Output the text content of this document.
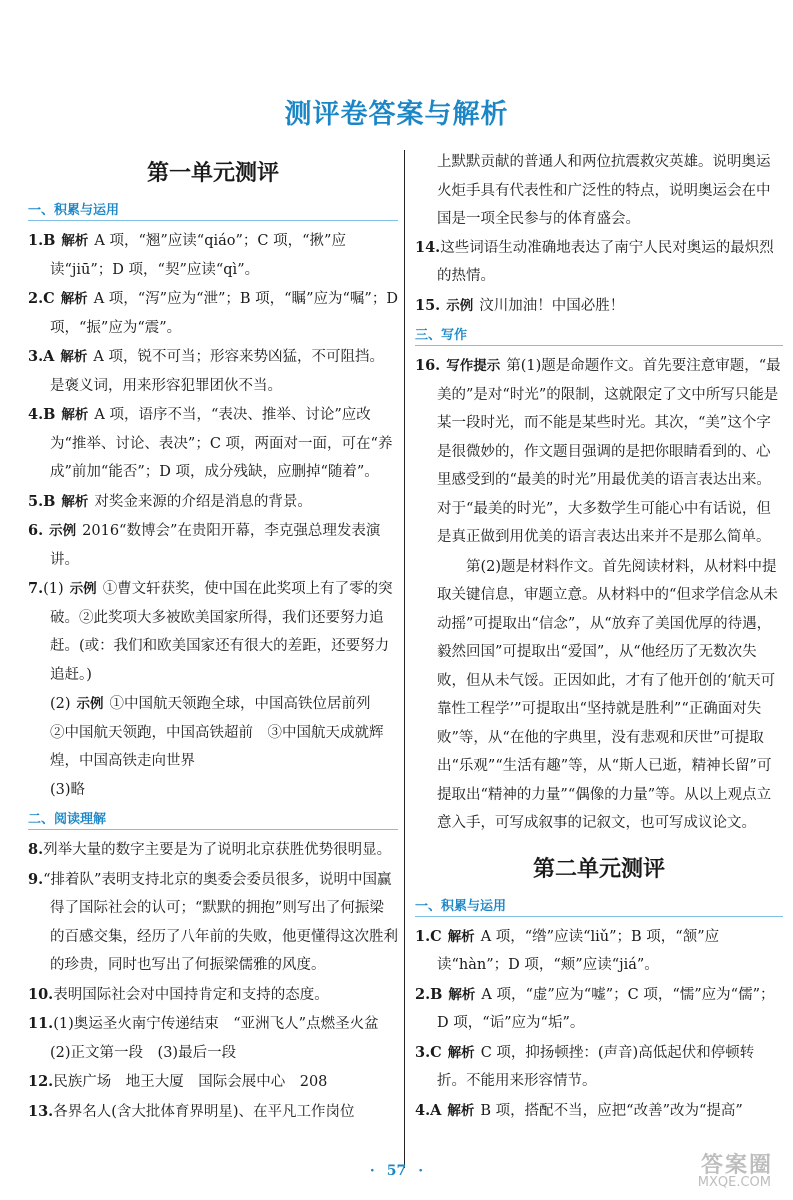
测评卷答案与解析
第一单元测评
一、积累与运用
1.B 解析 A 项，“翘”应读“qiáo”；C 项，“揪”应读“jiū”；D 项，“契”应读“qì”。
2.C 解析 A 项，“泻”应为“泄”；B 项，“瞩”应为“嘱”；D 项，“振”应为“震”。
3.A 解析 A 项，锐不可当；形容来势凶猛，不可阻挡。是褒义词，用来形容犯罪团伙不当。
4.B 解析 A 项，语序不当，“表决、推举、讨论”应改为“推举、讨论、表决”；C 项，两面对一面，可在“养成”前加“能否”；D 项，成分残缺，应删掉“随着”。
5.B 解析 对奖金来源的介绍是消息的背景。
6. 示例 2016“数博会”在贵阳开幕，李克强总理发表演讲。
7.(1) 示例 ①曹文轩获奖，使中国在此奖项上有了零的突破。②此奖项大多被欧美国家所得，我们还要努力追赶。(或：我们和欧美国家还有很大的差距，还要努力追赶。)
(2) 示例 ①中国航天领跑全球，中国高铁位居前列　②中国航天领跑，中国高铁超前　③中国航天成就辉煌，中国高铁走向世界
(3)略
二、阅读理解
8.列举大量的数字主要是为了说明北京获胜优势很明显。
9.“排着队”表明支持北京的奥委会委员很多，说明中国赢得了国际社会的认可；“默默的拥抱”则写出了何振梁的百感交集，经历了八年前的失败，他更懂得这次胜利的珍贵，同时也写出了何振梁儒雅的风度。
10.表明国际社会对中国持肯定和支持的态度。
11.(1)奥运圣火南宁传递结束　“亚洲飞人”点燃圣火盆　(2)正文第一段　(3)最后一段
12.民族广场　地王大厦　国际会展中心　208
13.各界名人(含大批体育界明星)、在平凡工作岗位
上默默贡献的普通人和两位抗震救灾英雄。说明奥运火炬手具有代表性和广泛性的特点，说明奥运会在中国是一项全民参与的体育盛会。
14.这些词语生动准确地表达了南宁人民对奥运的最炽烈的热情。
15. 示例 汶川加油！中国必胜！
三、写作
16. 写作提示 第(1)题是命题作文。首先要注意审题，“最美的”是对“时光”的限制，这就限定了文中所写只能是某一段时光，而不能是某些时光。其次，“美”这个字是很微妙的，作文题目强调的是把你眼睛看到的、心里感受到的“最美的时光”用最优美的语言表达出来。对于“最美的时光”，大多数学生可能心中有话说，但是真正做到用优美的语言表达出来并不是那么简单。

第(2)题是材料作文。首先阅读材料，从材料中提取关键信息，审题立意。从材料中的“但求学信念从未动摇”可提取出“信念”，从“放弃了美国优厚的待遇，毅然回国”可提取出“爱国”，从“他经历了无数次失败，但从未气馁。正因如此，才有了他开创的‘航天可靠性工程学’”可提取出“坚持就是胜利”“正确面对失败”等，从“在他的字典里，没有悲观和厌世”可提取出“乐观”“生活有趣”等，从“斯人已逝，精神长留”可提取出“精神的力量”“偶像的力量”等。从以上观点立意入手，可写成叙事的记叙文，也可写成议论文。

第二单元测评
一、积累与运用
1.C 解析 A 项，“绺”应读“liǔ”；B 项，“颔”应读“hàn”；D 项，“颊”应读“jiá”。
2.B 解析 A 项，“虚”应为“嘘”；C 项，“懦”应为“儒”；D 项，“诟”应为“垢”。
3.C 解析 C 项，抑扬顿挫：(声音)高低起伏和停顿转折。不能用来形容情节。
4.A 解析 B 项，搭配不当，应把“改善”改为“提高”
· 57 ·	答案圈
MXQE.COM
